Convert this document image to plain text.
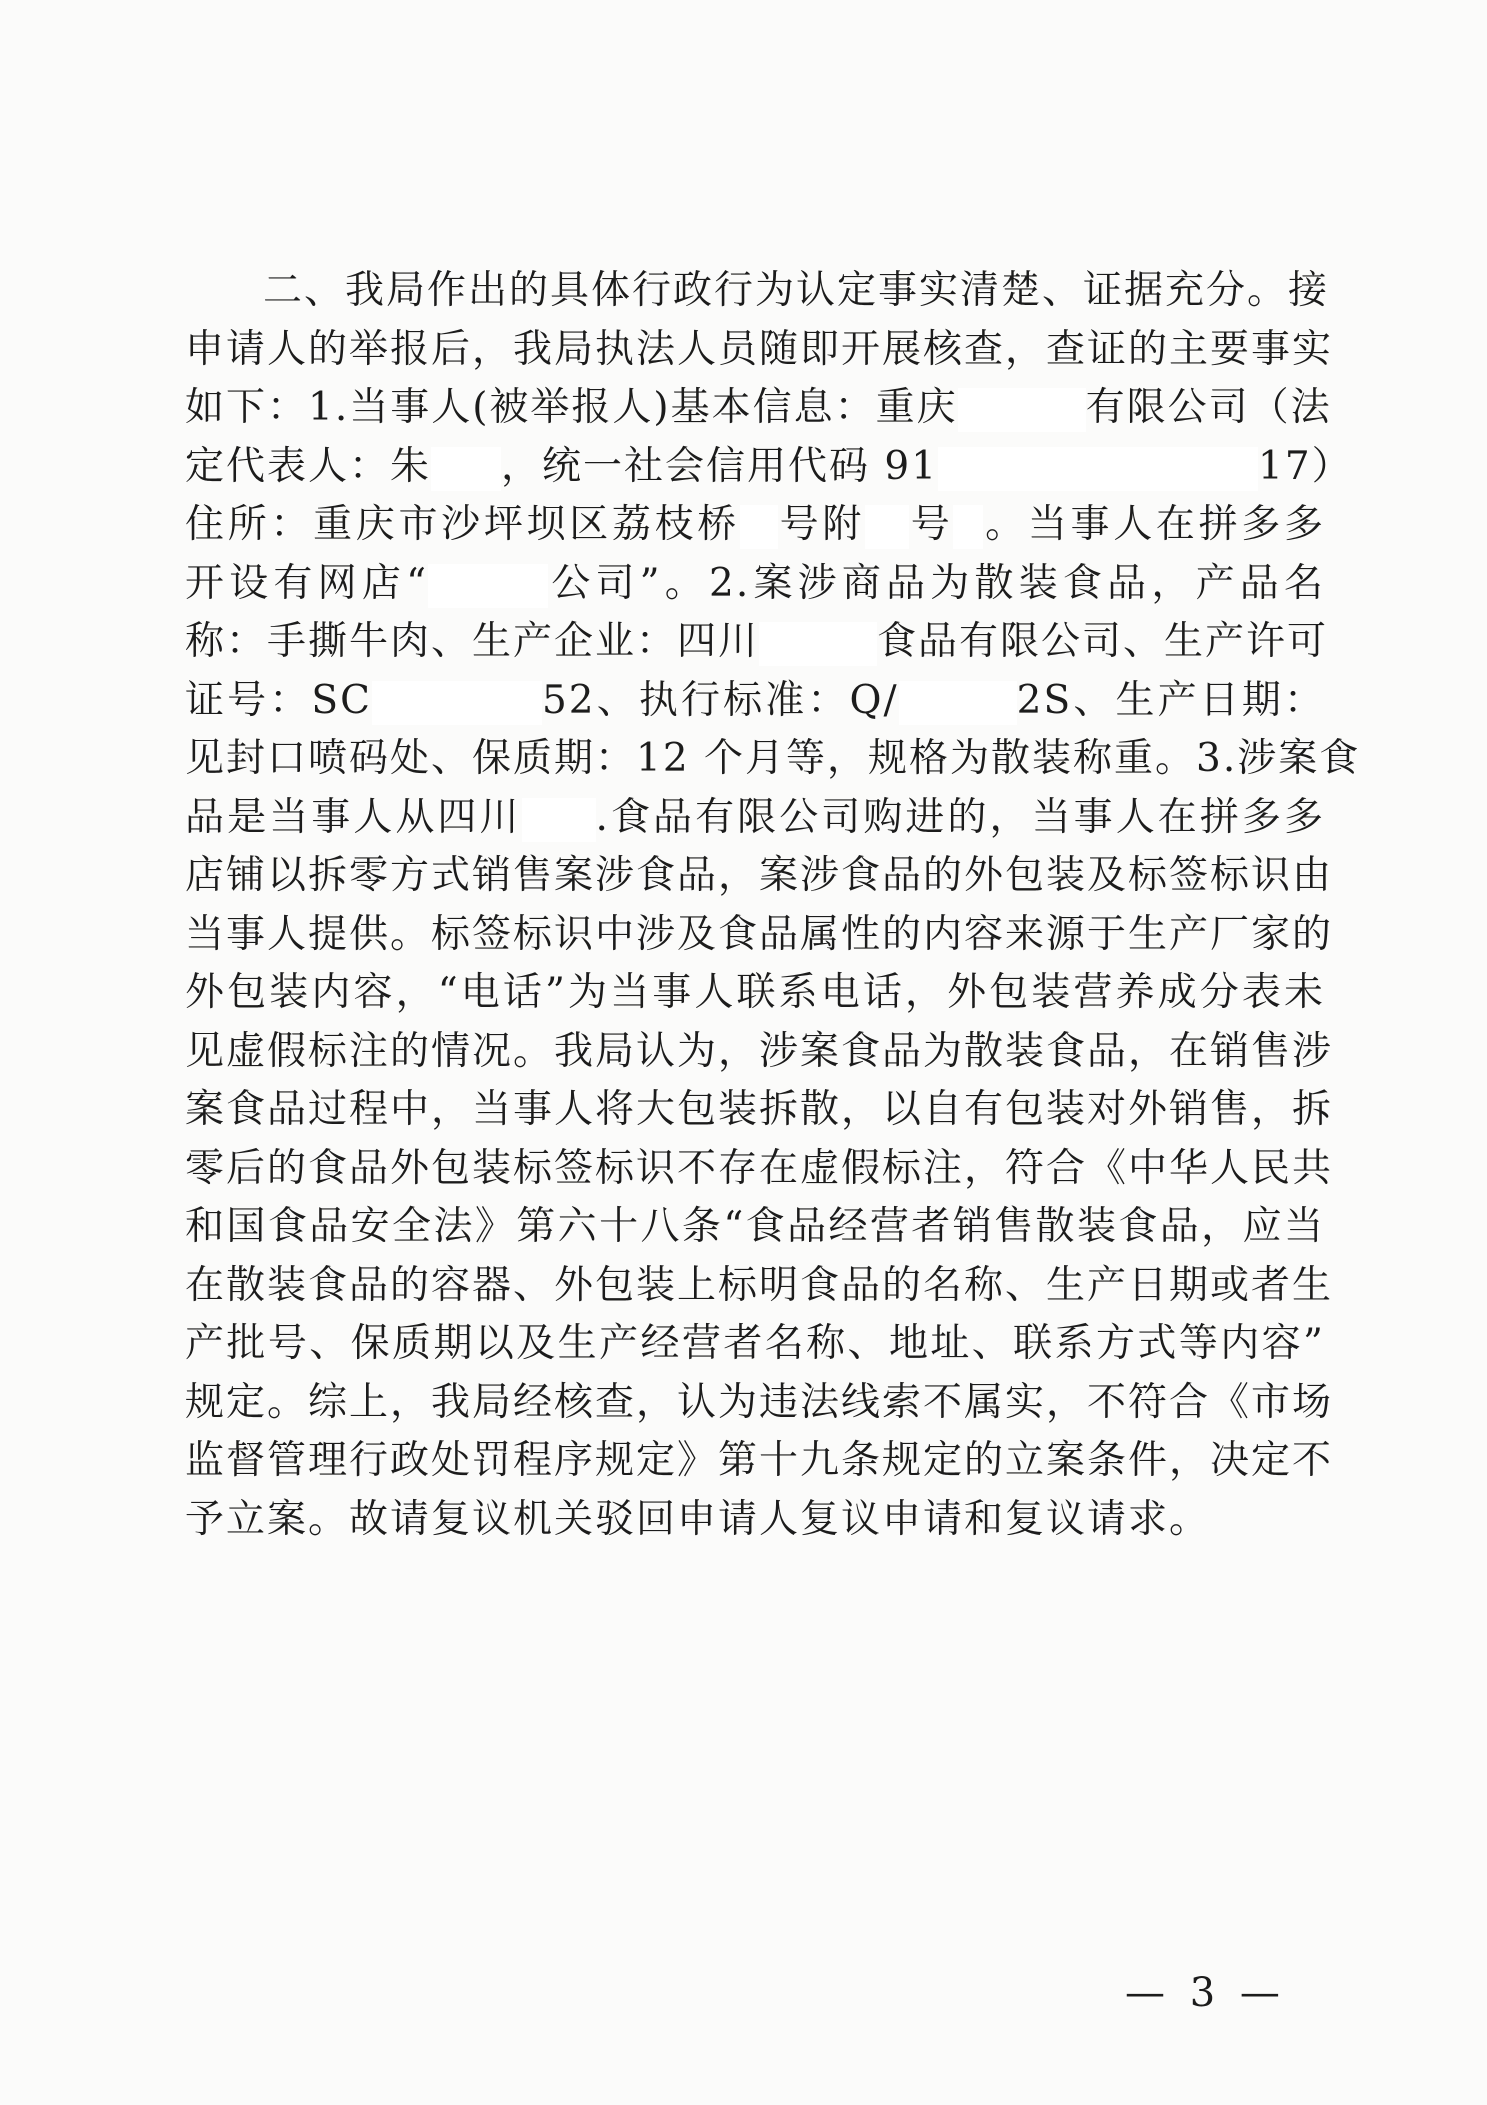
二、我局作出的具体行政行为认定事实清楚、证据充分。接
申请人的举报后，我局执法人员随即开展核查，查证的主要事实
如下：1.当事人(被举报人)基本信息：重庆	有限公司（法
定代表人：朱 ，统一社会信用代码 91	17）
住所：重庆市沙坪坝区荔枝桥 号附 号 。当事人在拼多多
开设有网店“	公司”。2.案涉商品为散装食品，产品名
称：手撕牛肉、生产企业：四川	食品有限公司、生产许可
证号：SC	52、执行标准：Q/	2S、生产日期：
见封口喷码处、保质期：12 个月等，规格为散装称重。3.涉案食
品是当事人从四川 .食品有限公司购进的，当事人在拼多多
店铺以拆零方式销售案涉食品，案涉食品的外包装及标签标识由
当事人提供。标签标识中涉及食品属性的内容来源于生产厂家的
外包装内容，“电话”为当事人联系电话，外包装营养成分表未
见虚假标注的情况。我局认为，涉案食品为散装食品，在销售涉
案食品过程中，当事人将大包装拆散，以自有包装对外销售，拆
零后的食品外包装标签标识不存在虚假标注，符合《中华人民共
和国食品安全法》第六十八条“食品经营者销售散装食品，应当
在散装食品的容器、外包装上标明食品的名称、生产日期或者生
产批号、保质期以及生产经营者名称、地址、联系方式等内容”
规定。综上，我局经核查，认为违法线索不属实，不符合《市场
监督管理行政处罚程序规定》第十九条规定的立案条件，决定不
予立案。故请复议机关驳回申请人复议申请和复议请求。
— 3 —
